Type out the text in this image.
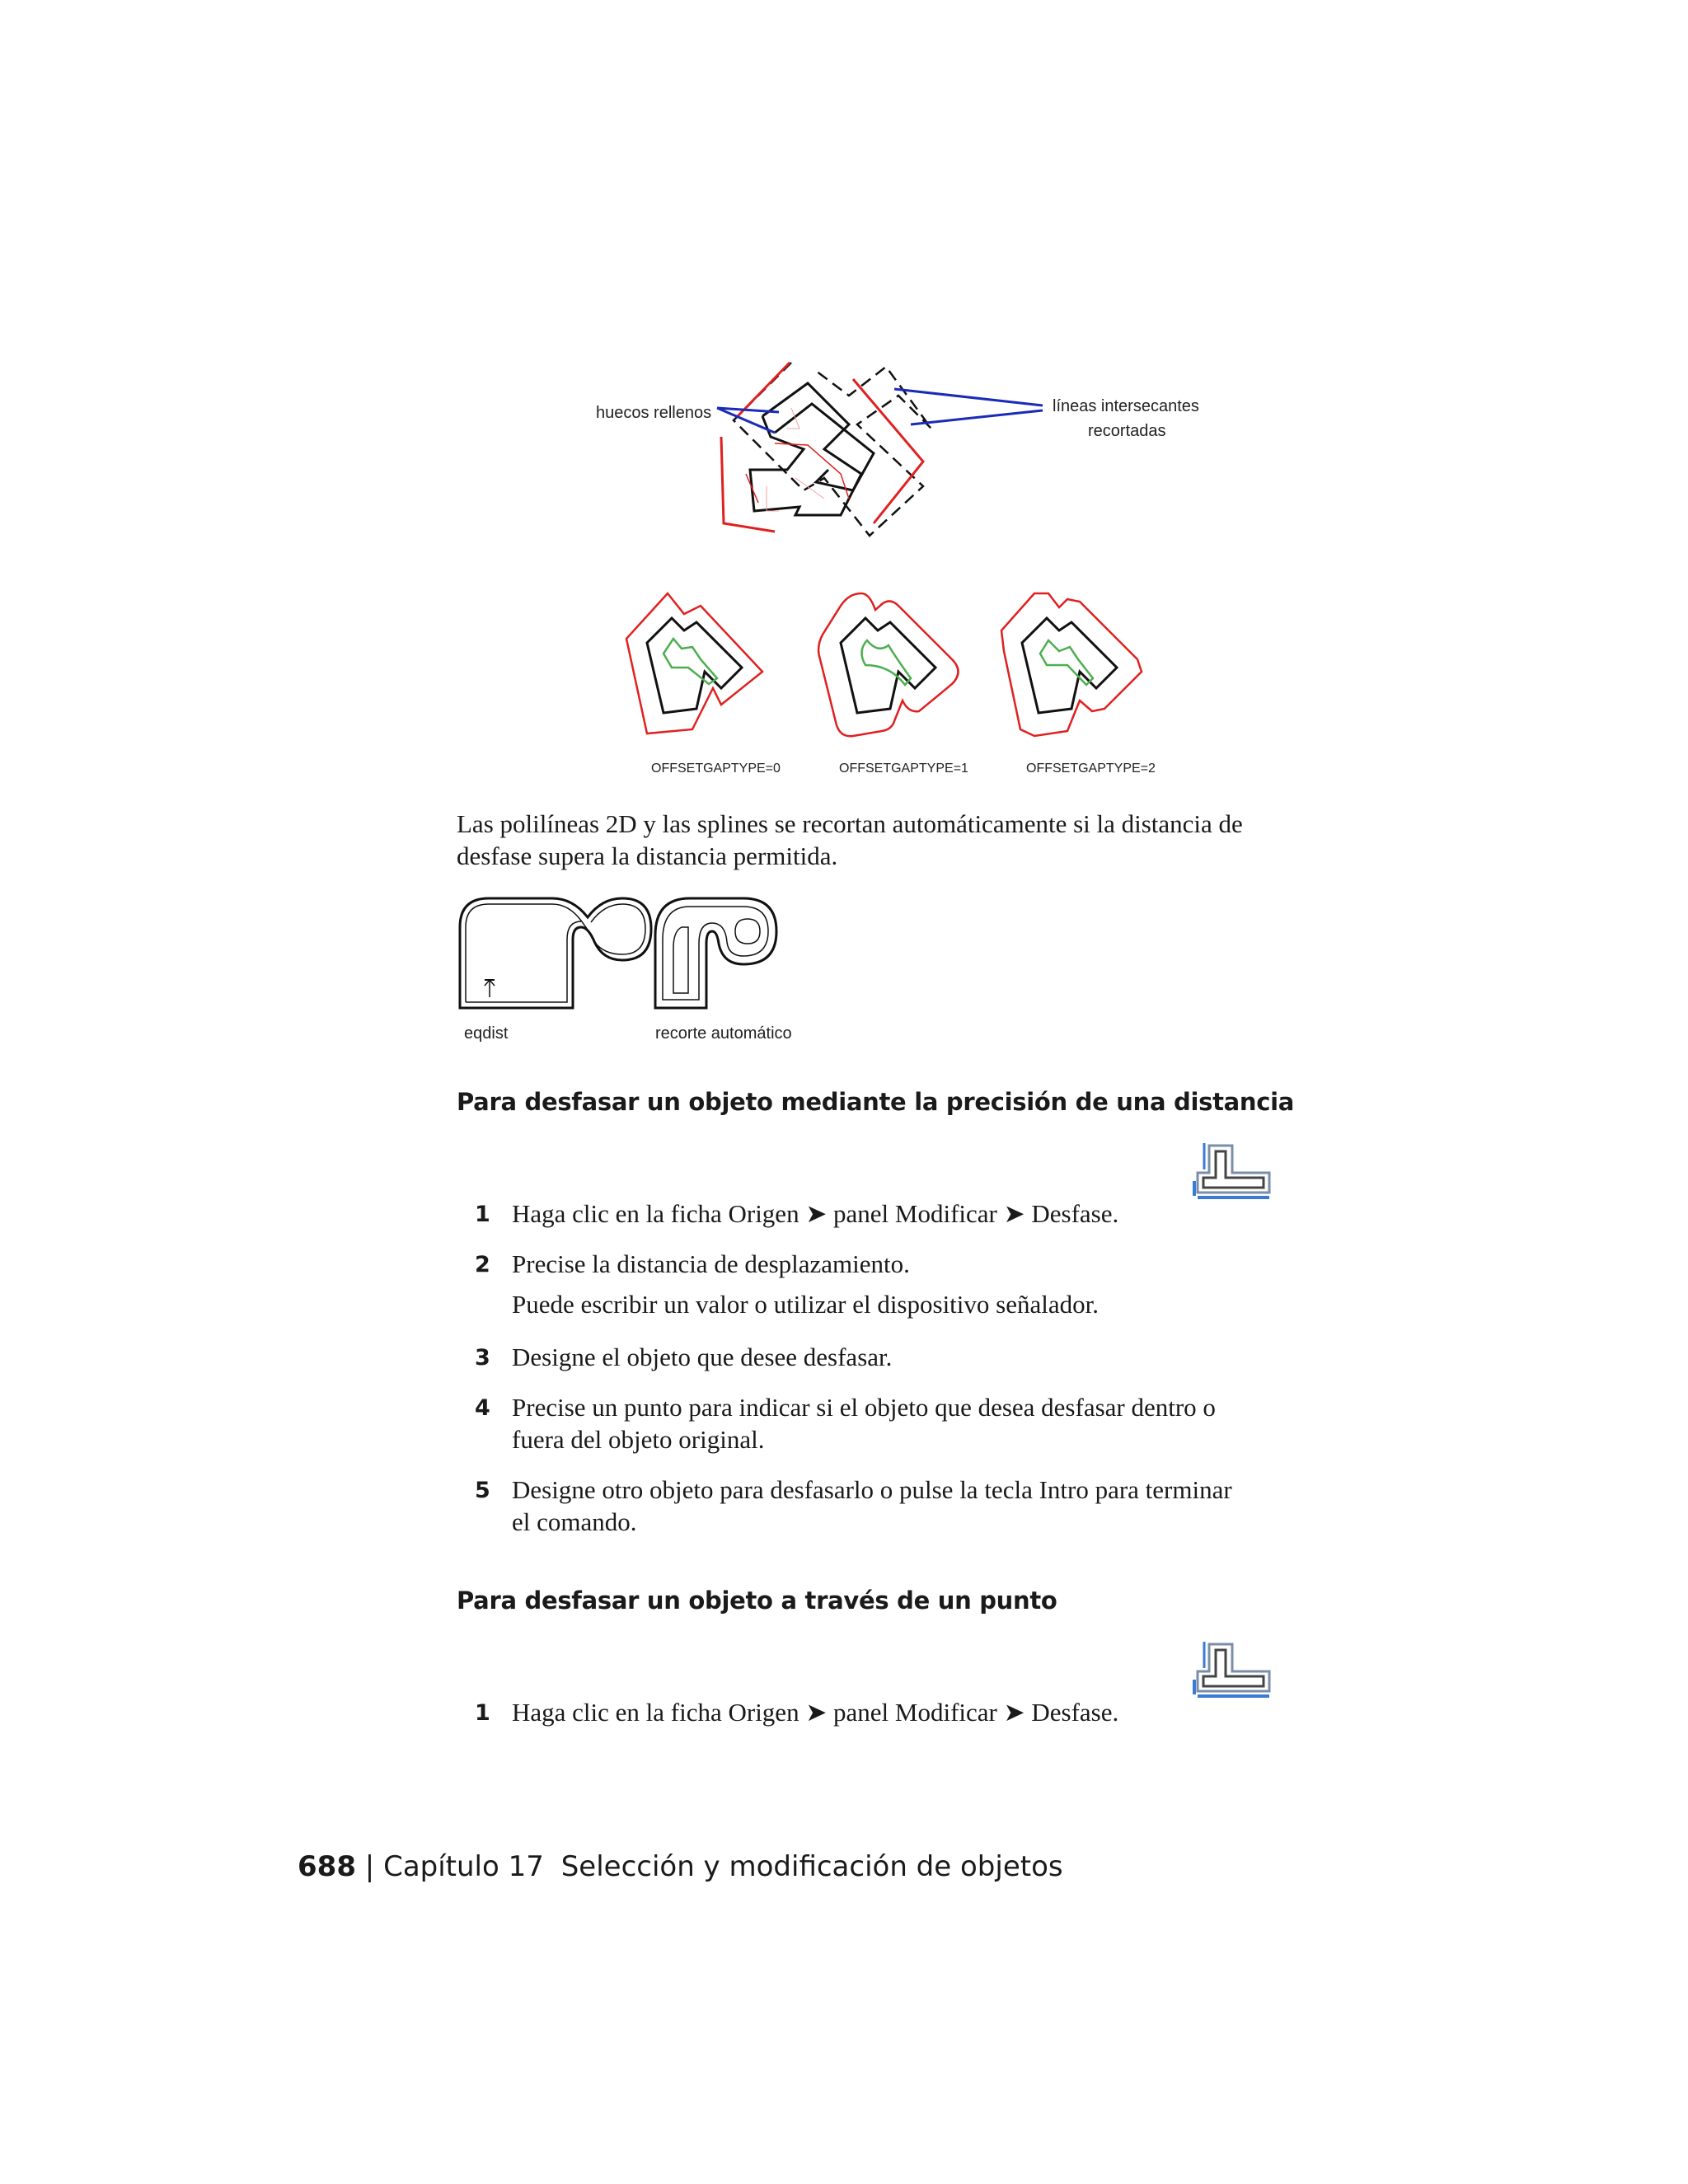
huecos rellenos	líneas intersecantes
recortadas
OFFSETGAPTYPE=0	OFFSETGAPTYPE=1	OFFSETGAPTYPE=2
Las polilíneas 2D y las splines se recortan automáticamente si la distancia de
desfase supera la distancia permitida.
eqdist	recorte automático
Para desfasar un objeto mediante la precisión de una distancia
1 Haga clic en la ficha Origen ➤ panel Modificar ➤ Desfase.
2 Precise la distancia de desplazamiento.
Puede escribir un valor o utilizar el dispositivo señalador.
3 Designe el objeto que desee desfasar.
4 Precise un punto para indicar si el objeto que desea desfasar dentro o
fuera del objeto original.
5 Designe otro objeto para desfasarlo o pulse la tecla Intro para terminar
el comando.
Para desfasar un objeto a través de un punto
1 Haga clic en la ficha Origen ➤ panel Modificar ➤ Desfase.
688 | Capítulo 17 Selección y modificación de objetos
